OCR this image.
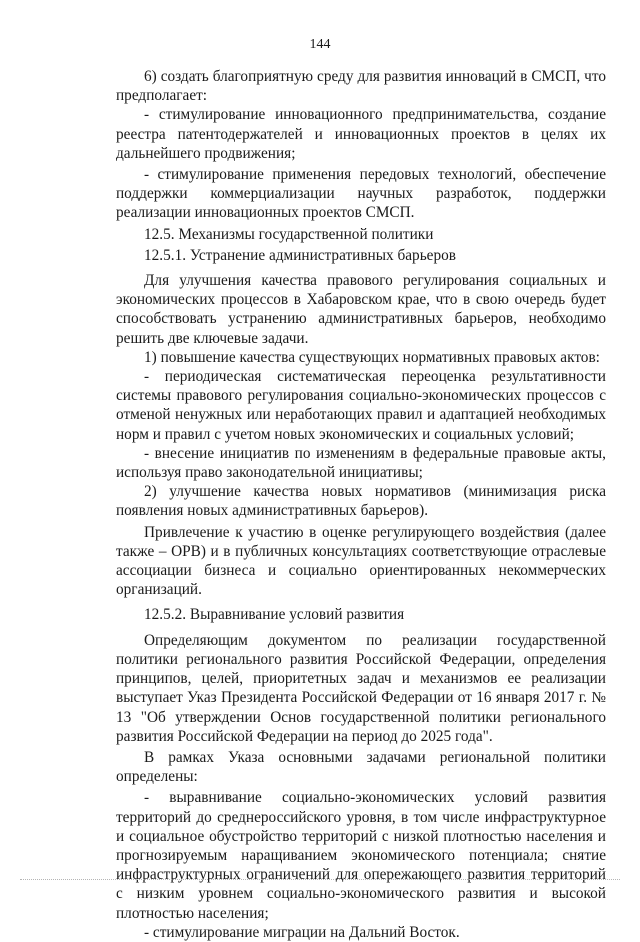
144

6) создать благоприятную среду для развития инноваций в СМСП, что предполагает:

- стимулирование инновационного предпринимательства, создание реестра патентодержателей и инновационных проектов в целях их дальнейшего продвижения;

- стимулирование применения передовых технологий, обеспечение поддержки коммерциализации научных разработок, поддержки реализации инновационных проектов СМСП.

12.5. Механизмы государственной политики

12.5.1. Устранение административных барьеров

Для улучшения качества правового регулирования социальных и экономических процессов в Хабаровском крае, что в свою очередь будет способствовать устранению административных барьеров, необходимо решить две ключевые задачи.

1) повышение качества существующих нормативных правовых актов:

- периодическая систематическая переоценка результативности системы правового регулирования социально-экономических процессов с отменой ненужных или неработающих правил и адаптацией необходимых норм и правил с учетом новых экономических и социальных условий;

- внесение инициатив по изменениям в федеральные правовые акты, используя право законодательной инициативы;

2) улучшение качества новых нормативов (минимизация риска появления новых административных барьеров).

Привлечение к участию в оценке регулирующего воздействия (далее также – ОРВ) и в публичных консультациях соответствующие отраслевые ассоциации бизнеса и социально ориентированных некоммерческих организаций.

12.5.2. Выравнивание условий развития

Определяющим документом по реализации государственной политики регионального развития Российской Федерации, определения принципов, целей, приоритетных задач и механизмов ее реализации выступает Указ Президента Российской Федерации от 16 января 2017 г. № 13 "Об утверждении Основ государственной политики регионального развития Российской Федерации на период до 2025 года".

В рамках Указа основными задачами региональной политики определены:

- выравнивание социально-экономических условий развития территорий до среднероссийского уровня, в том числе инфраструктурное и социальное обустройство территорий с низкой плотностью населения и прогнозируемым наращиванием экономического потенциала; снятие инфраструктурных ограничений для опережающего развития территорий с низким уровнем социально-экономического развития и высокой плотностью населения;

- стимулирование миграции на Дальний Восток.
